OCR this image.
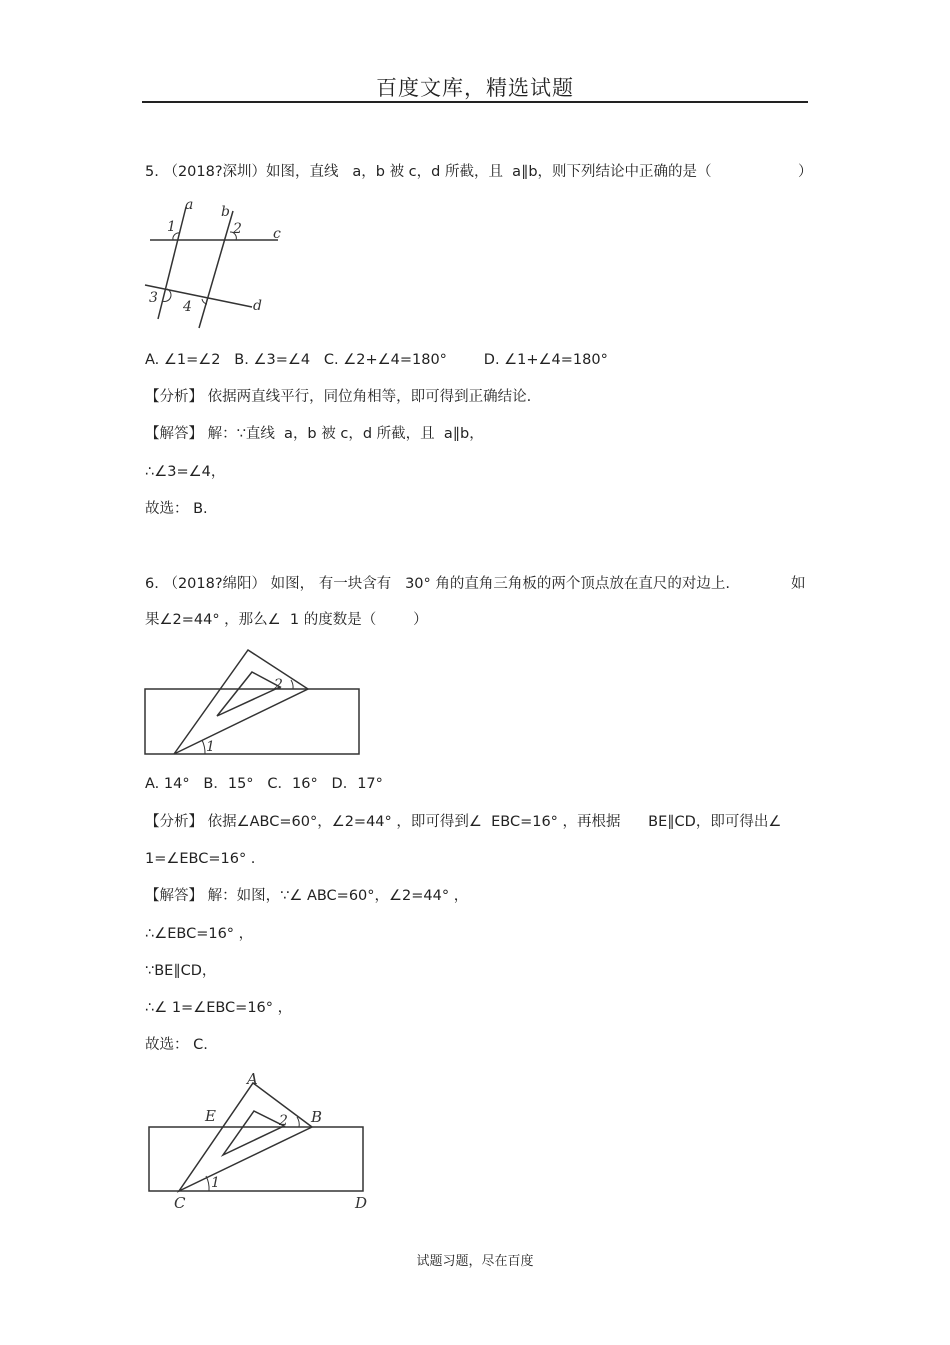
百度文库，精选试题
5. （2018?深圳）如图，直线   a，b 被 c，d 所截，且  a∥b，则下列结论中正确的是（	）
a b
c
d
1	2
3
4
A. ∠1=∠2   B. ∠3=∠4   C. ∠2+∠4=180°        D. ∠1+∠4=180°
【分析】 依据两直线平行，同位角相等，即可得到正确结论.
【解答】 解：∵直线  a，b 被 c，d 所截，且  a∥b，
∴∠3=∠4，
故选： B.
6. （2018?绵阳） 如图， 有一块含有   30° 角的直角三角板的两个顶点放在直尺的对边上.	如
果∠2=44° ，那么∠  1 的度数是（        ）
2
1
A. 14°   B．15°   C．16°   D．17°
【分析】 依据∠ABC=60°，∠2=44° ，即可得到∠  EBC=16° ，再根据      BE∥CD，即可得出∠
1=∠EBC=16° .
【解答】 解：如图，∵∠ ABC=60°，∠2=44° ，
∴∠EBC=16° ，
∵BE∥CD，
∴∠ 1=∠EBC=16° ，
故选： C.
A
E	2 B
1
C	D
试题习题，尽在百度
